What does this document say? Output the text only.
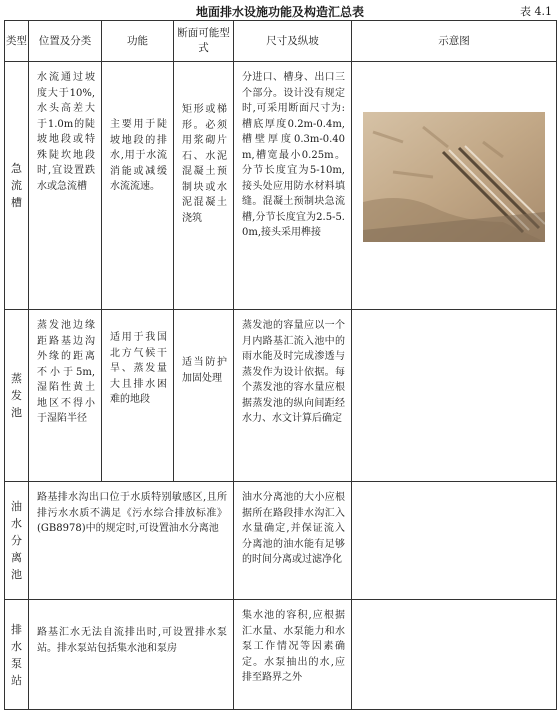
地面排水设施功能及构造汇总表	表 4.1
类型	位置及分类	功能	断面可能型式	尺寸及纵坡	示意图
急流槽	水流通过坡度大于10%,水头高差大于1.0m的陡坡地段或特殊陡坎地段时,宜设置跌水或急流槽	主要用于陡坡地段的排水,用于水流消能或减缓水流流速。	矩形或梯形。必须用浆砌片石、水泥混凝土预制块或水泥混凝土浇筑	分进口、槽身、出口三个部分。设计没有规定时,可采用断面尺寸为:槽底厚度0.2m-0.4m,槽壁厚度0.3m-0.40m,槽宽最小0.25m。分节长度宜为5-10m,接头处应用防水材料填缝。混凝土预制块急流槽,分节长度宜为2.5-5.0m,接头采用榫接	

蒸发池	蒸发池边缘距路基边沟外缘的距离不小于5m,湿陷性黄土地区不得小于湿陷半径	适用于我国北方气候干旱、蒸发量大且排水困难的地段	适当防护加固处理	蒸发池的容量应以一个月内路基汇流入池中的雨水能及时完成渗透与蒸发作为设计依据。每个蒸发池的容水量应根据蒸发池的纵向间距经水力、水文计算后确定	
油水分离池	路基排水沟出口位于水质特别敏感区,且所排污水水质不满足《污水综合排放标准》(GB8978)中的规定时,可设置油水分离池			油水分离池的大小应根据所在路段排水沟汇入水量确定,并保证流入分离池的油水能有足够的时间分离或过滤净化	
排水泵站	路基汇水无法自流排出时,可设置排水泵站。排水泵站包括集水池和泵房			集水池的容积,应根据汇水量、水泵能力和水泵工作情况等因素确定。水泵抽出的水,应排至路界之外	
